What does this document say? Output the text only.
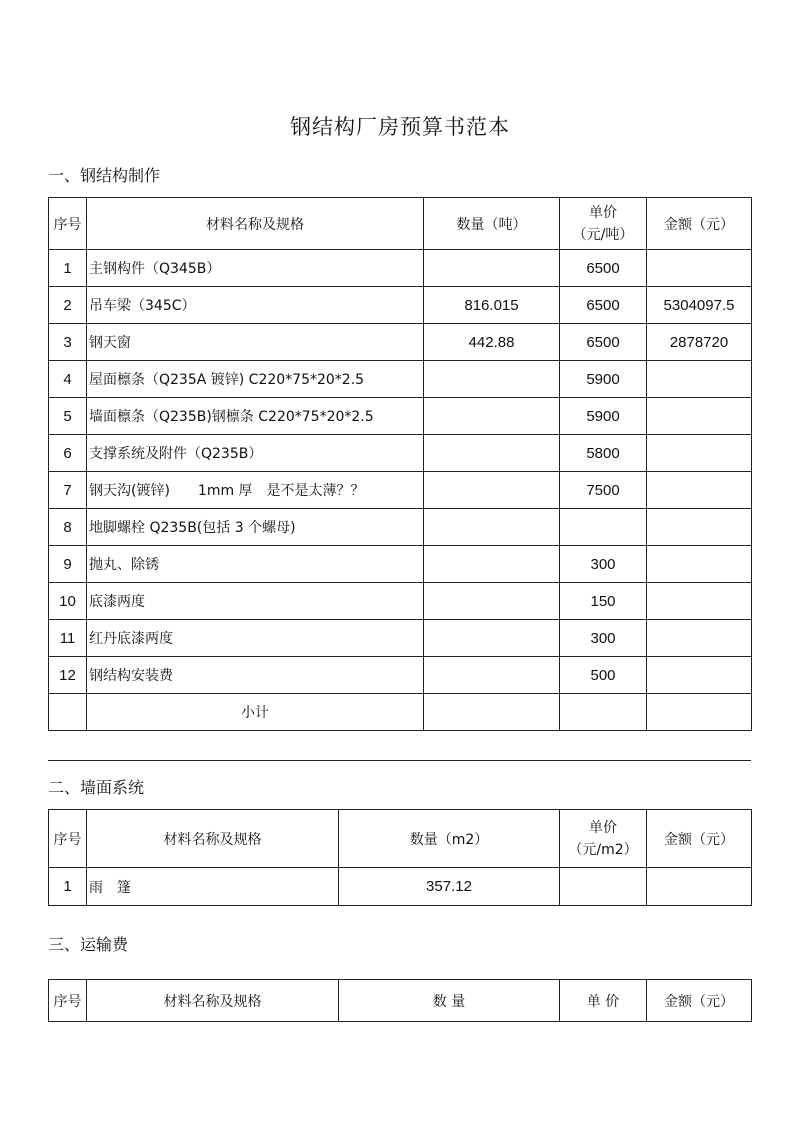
钢结构厂房预算书范本
一、钢结构制作
序号	材料名称及规格	数量（吨）	单价
（元/吨）	金额（元）
1	主钢构件（Q345B）		6500	
2	吊车梁（345C）	816.015	6500	5304097.5
3	钢天窗	442.88	6500	2878720
4	屋面檩条（Q235A 镀锌) C220*75*20*2.5		5900	
5	墙面檩条（Q235B)钢檩条 C220*75*20*2.5		5900	
6	支撑系统及附件（Q235B）		5800	
7	钢天沟(镀锌)　　1mm 厚　是不是太薄？？		7500	
8	地脚螺栓 Q235B(包括 3 个螺母)			
9	抛丸、除锈		300	
10	底漆两度		150	
11	红丹底漆两度		300	
12	钢结构安装费		500	
	小计			
二、墙面系统
序号	材料名称及规格	数量（m2）	单价
（元/m2）	金额（元）
1	雨　篷	357.12		
三、运输费
序号	材料名称及规格	数 量	单 价	金额（元）
